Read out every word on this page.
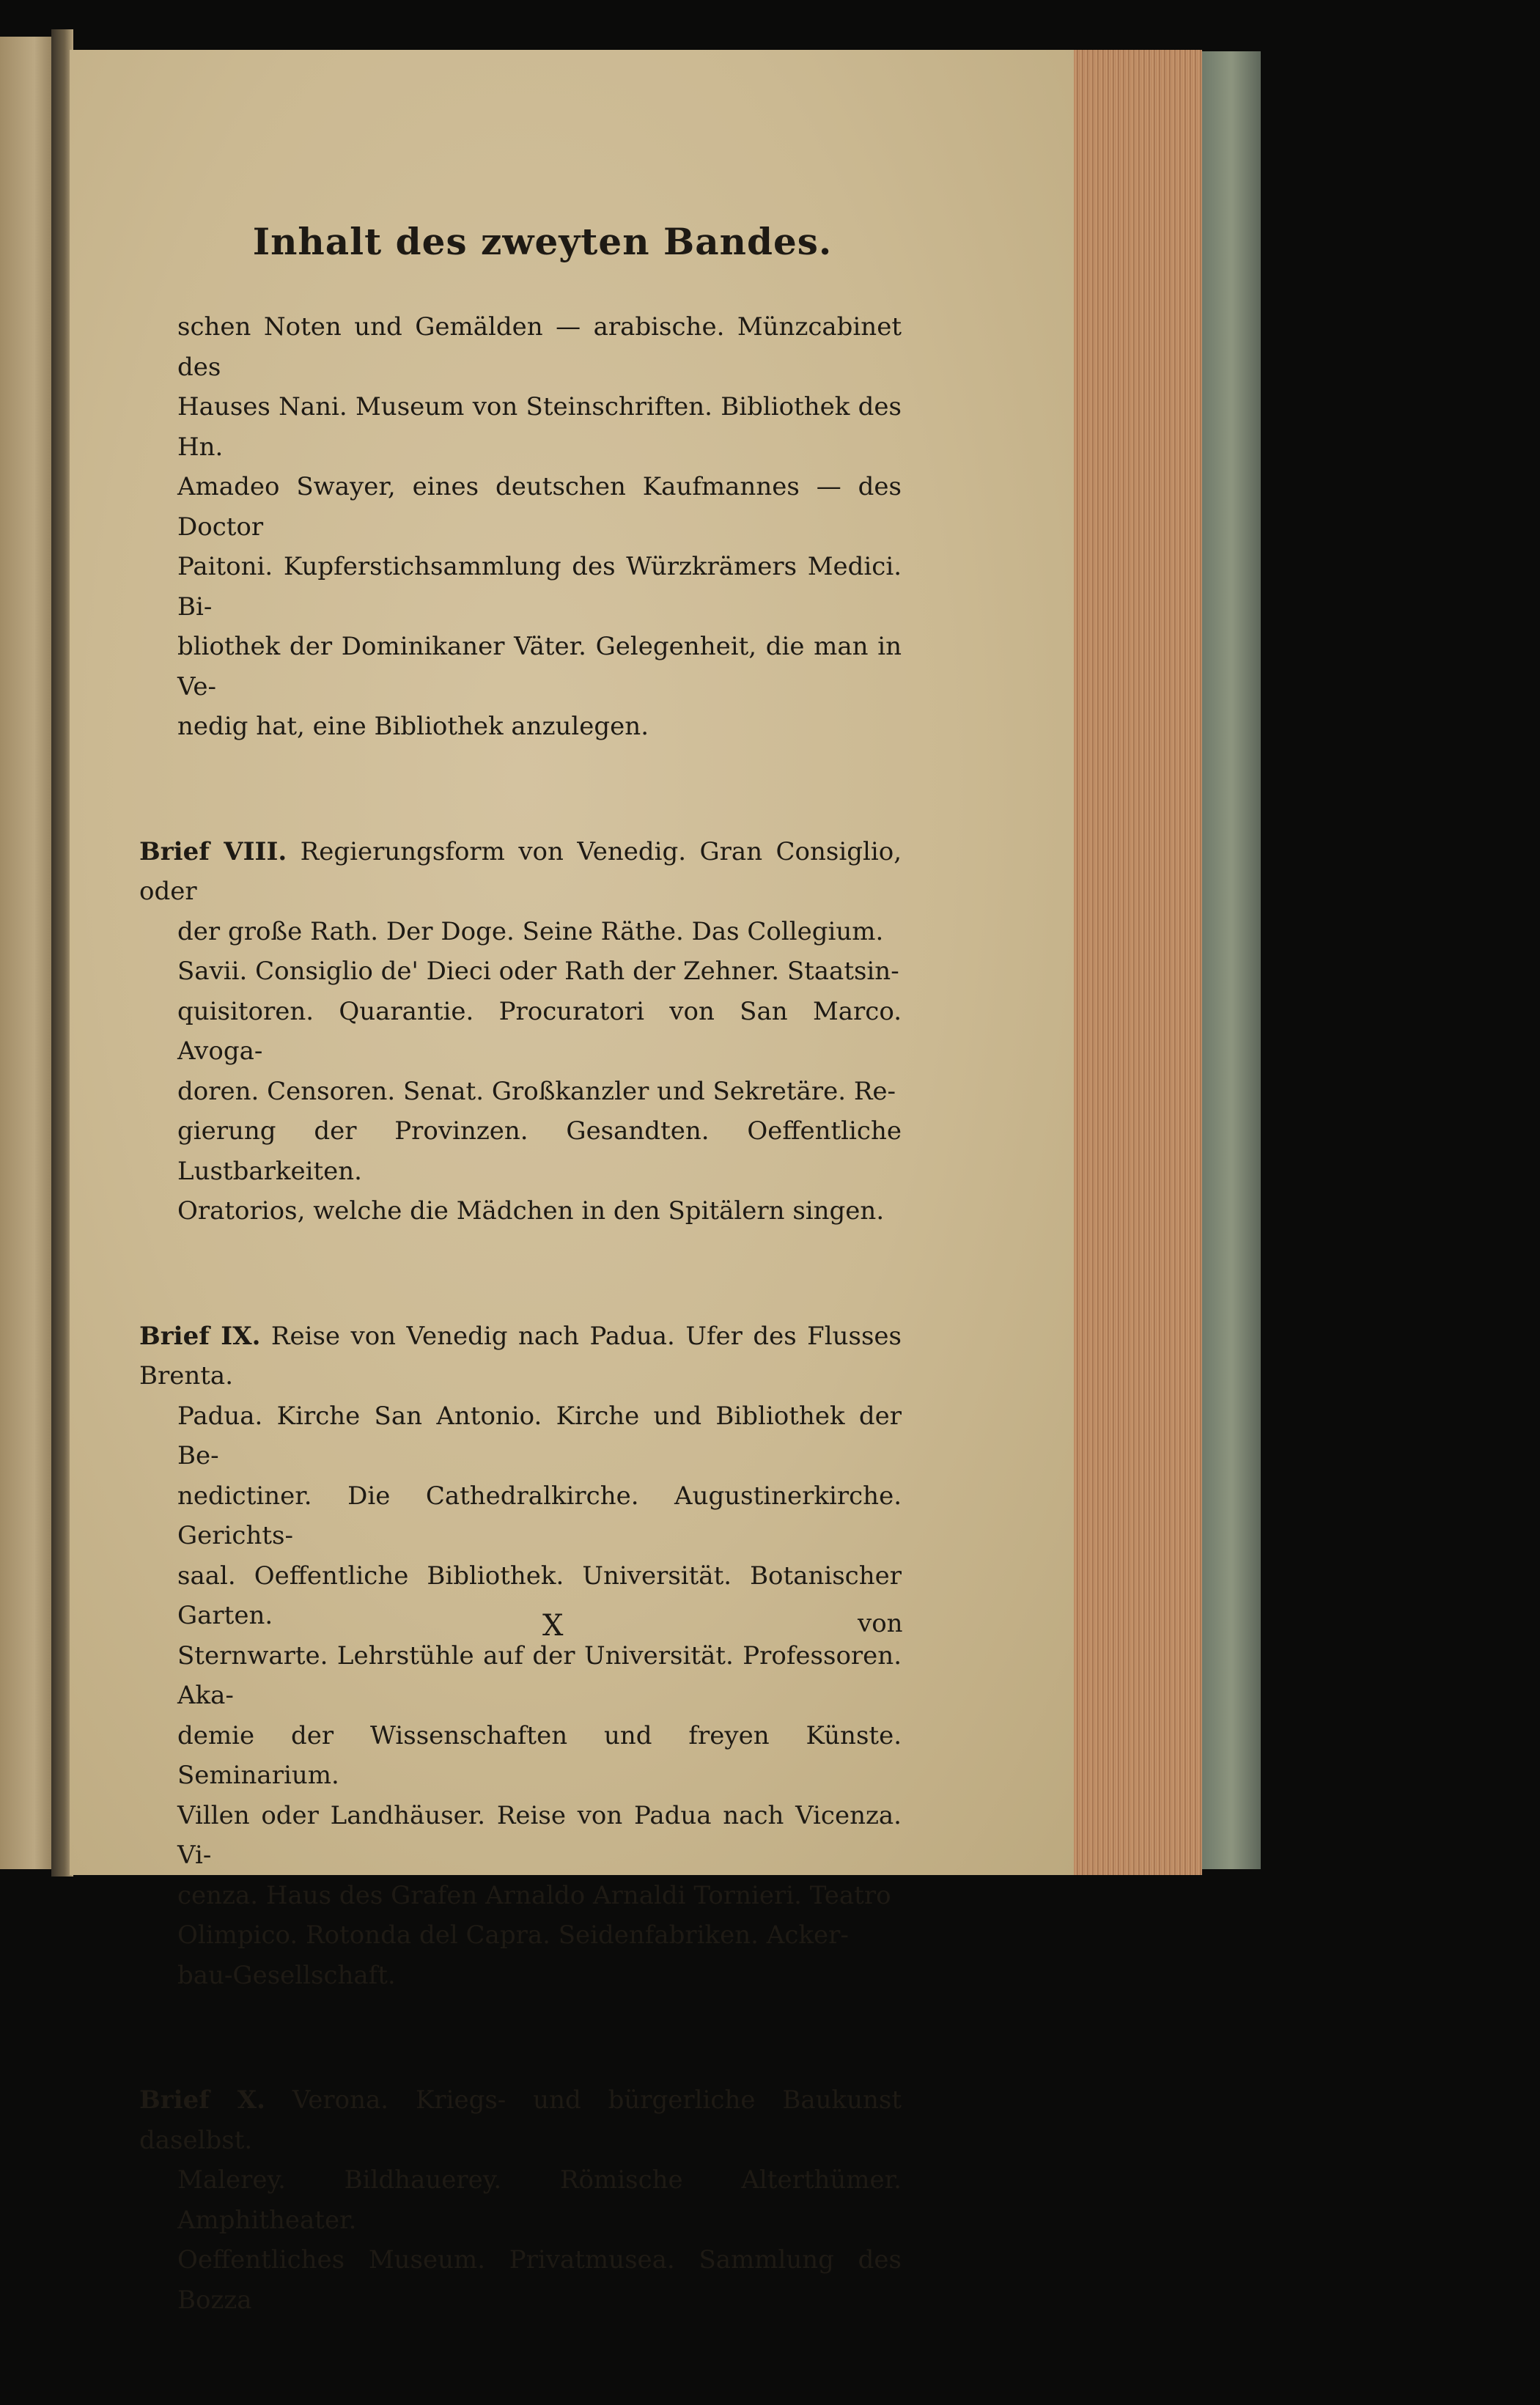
Inhalt des zweyten Bandes.
schen Noten und Gemälden — arabische. Münzcabinet des
Hauses Nani. Museum von Steinschriften. Bibliothek des Hn.
Amadeo Swayer, eines deutschen Kaufmannes — des Doctor
Paitoni. Kupferstichsammlung des Würzkrämers Medici. Bi-
bliothek der Dominikaner Väter. Gelegenheit, die man in Ve-
nedig hat, eine Bibliothek anzulegen.
Brief VIII. Regierungsform von Venedig. Gran Consiglio, oder
der große Rath. Der Doge. Seine Räthe. Das Collegium.
Savii. Consiglio de' Dieci oder Rath der Zehner. Staatsin-
quisitoren. Quarantie. Procuratori von San Marco. Avoga-
doren. Censoren. Senat. Großkanzler und Sekretäre. Re-
gierung der Provinzen. Gesandten. Oeffentliche Lustbarkeiten.
Oratorios, welche die Mädchen in den Spitälern singen.
Brief IX. Reise von Venedig nach Padua. Ufer des Flusses Brenta.
Padua. Kirche San Antonio. Kirche und Bibliothek der Be-
nedictiner. Die Cathedralkirche. Augustinerkirche. Gerichts-
saal. Oeffentliche Bibliothek. Universität. Botanischer Garten.
Sternwarte. Lehrstühle auf der Universität. Professoren. Aka-
demie der Wissenschaften und freyen Künste. Seminarium.
Villen oder Landhäuser. Reise von Padua nach Vicenza. Vi-
cenza. Haus des Grafen Arnaldo Arnaldi Tornieri. Teatro
Olimpico. Rotonda del Capra. Seidenfabriken. Acker-
bau-Gesellschaft.
Brief X. Verona. Kriegs- und bürgerliche Baukunst daselbst.
Malerey. Bildhauerey. Römische Alterthümer. Amphitheater.
Oeffentliches Museum. Privatmusea. Sammlung des Bozza
X	von
